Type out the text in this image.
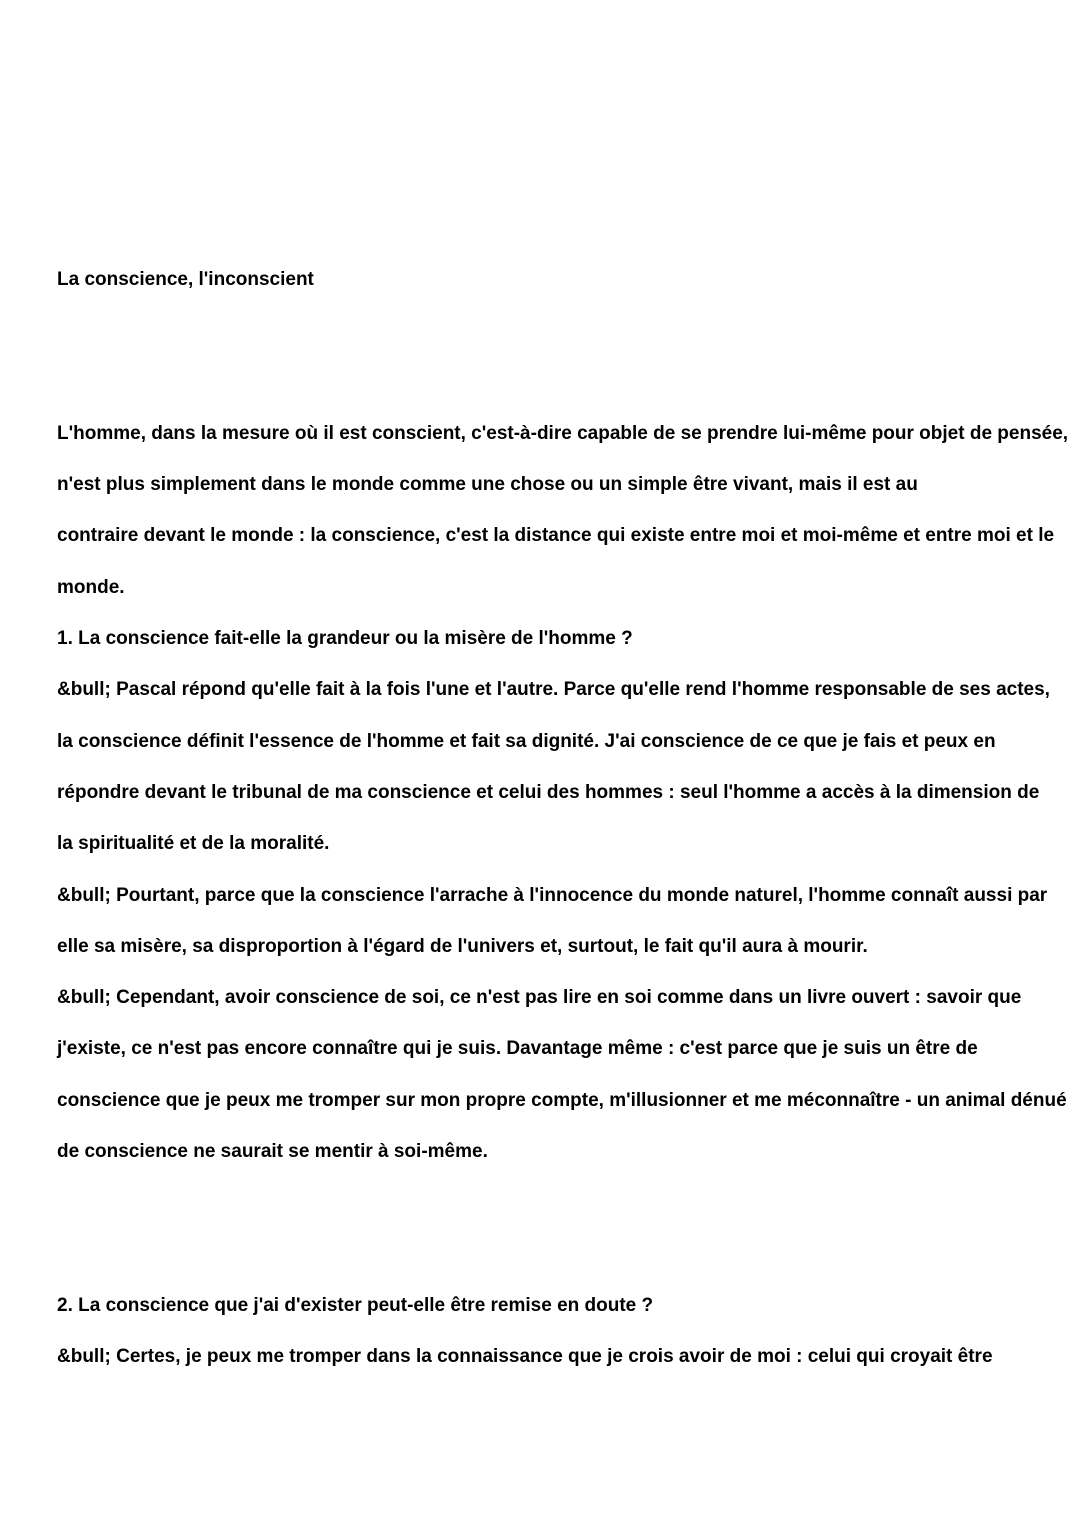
La conscience, l'inconscient

L'homme, dans la mesure où il est conscient, c'est-à-dire capable de se prendre lui-même pour objet de pensée,

n'est plus simplement dans le monde comme une chose ou un simple être vivant, mais il est au

contraire devant le monde : la conscience, c'est la distance qui existe entre moi et moi-même et entre moi et le

monde.

1. La conscience fait-elle la grandeur ou la misère de l'homme ?

&bull; Pascal répond qu'elle fait à la fois l'une et l'autre. Parce qu'elle rend l'homme responsable de ses actes,

la conscience définit l'essence de l'homme et fait sa dignité. J'ai conscience de ce que je fais et peux en

répondre devant le tribunal de ma conscience et celui des hommes : seul l'homme a accès à la dimension de

la spiritualité et de la moralité.

&bull; Pourtant, parce que la conscience l'arrache à l'innocence du monde naturel, l'homme connaît aussi par

elle sa misère, sa disproportion à l'égard de l'univers et, surtout, le fait qu'il aura à mourir.

&bull; Cependant, avoir conscience de soi, ce n'est pas lire en soi comme dans un livre ouvert : savoir que

j'existe, ce n'est pas encore connaître qui je suis. Davantage même : c'est parce que je suis un être de

conscience que je peux me tromper sur mon propre compte, m'illusionner et me méconnaître - un animal dénué

de conscience ne saurait se mentir à soi-même.

2. La conscience que j'ai d'exister peut-elle être remise en doute ?

&bull; Certes, je peux me tromper dans la connaissance que je crois avoir de moi : celui qui croyait être
